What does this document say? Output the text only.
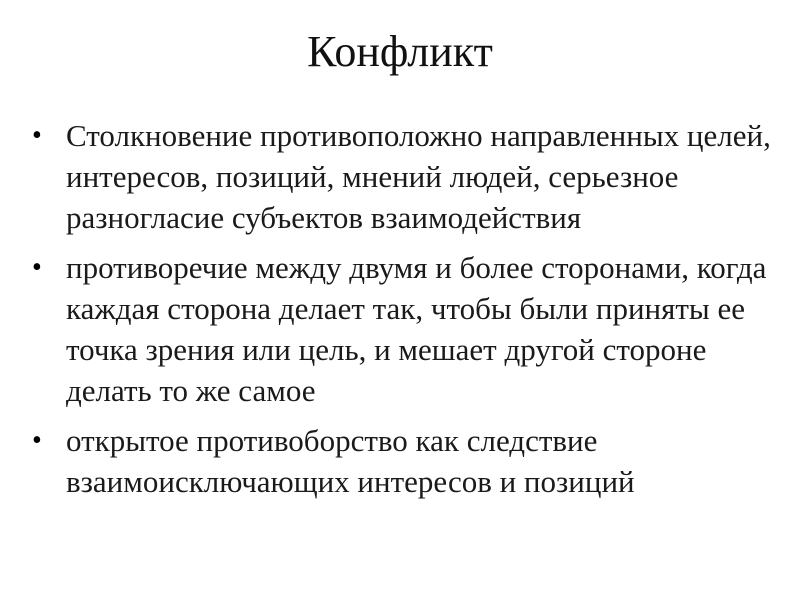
Конфликт
• Столкновение противоположно направленных целей, интересов, позиций, мнений людей, серьезное разногласие субъектов взаимодействия
• противоречие между двумя и более сторонами, когда каждая сторона делает так, чтобы были приняты ее точка зрения или цель, и мешает другой стороне делать то же самое
• открытое противоборство как следствие взаимоисключающих интересов и позиций
